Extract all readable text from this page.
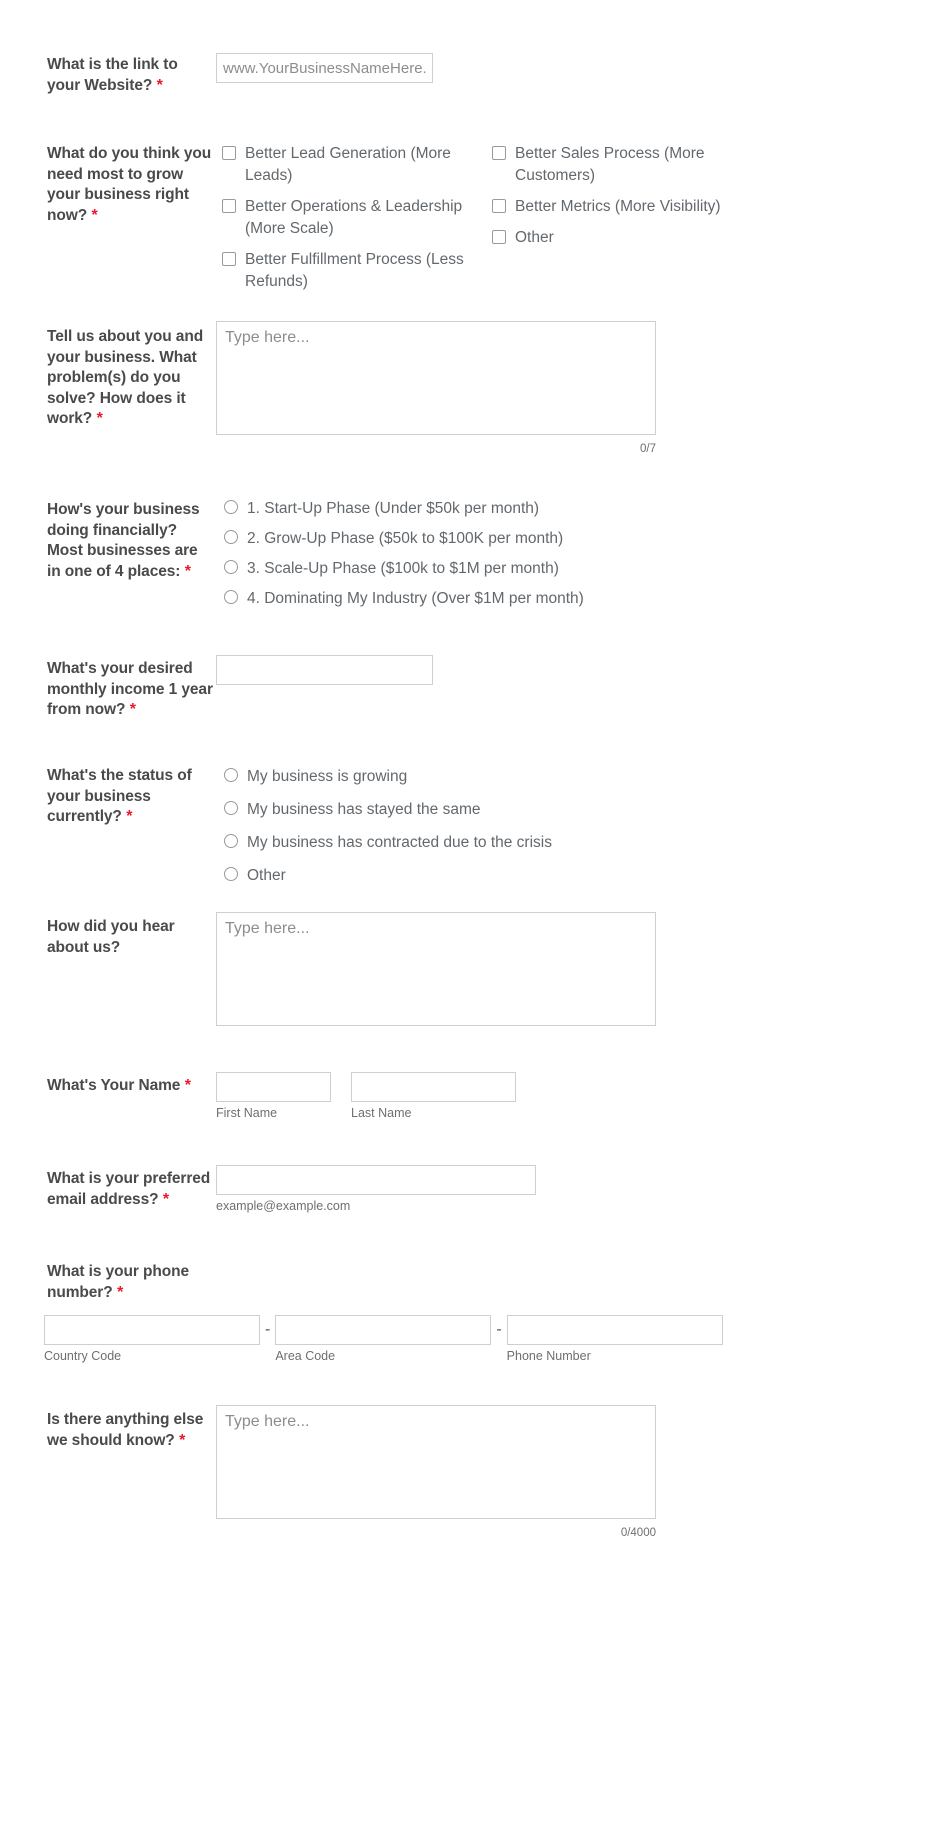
What is the link to your Website? *
www.YourBusinessNameHere.com
What do you think you need most to grow your business right now? *
Better Lead Generation (More Leads)
Better Operations & Leadership (More Scale)
Better Fulfillment Process (Less Refunds)
Better Sales Process (More Customers)
Better Metrics (More Visibility)
Other
Tell us about you and your business. What problem(s) do you solve? How does it work? *
Type here...
0/7
How's your business doing financially? Most businesses are in one of 4 places: *
1. Start-Up Phase (Under $50k per month)
2. Grow-Up Phase ($50k to $100K per month)
3. Scale-Up Phase ($100k to $1M per month)
4. Dominating My Industry (Over $1M per month)
What's your desired monthly income 1 year from now? *
What's the status of your business currently? *
My business is growing
My business has stayed the same
My business has contracted due to the crisis
Other
How did you hear about us?
Type here...
What's Your Name *
First Name	Last Name
What is your preferred email address? *	example@example.com
What is your phone number? *
Country Code
-
Area Code
-
Phone Number
Is there anything else we should know? *
Type here...
0/4000
